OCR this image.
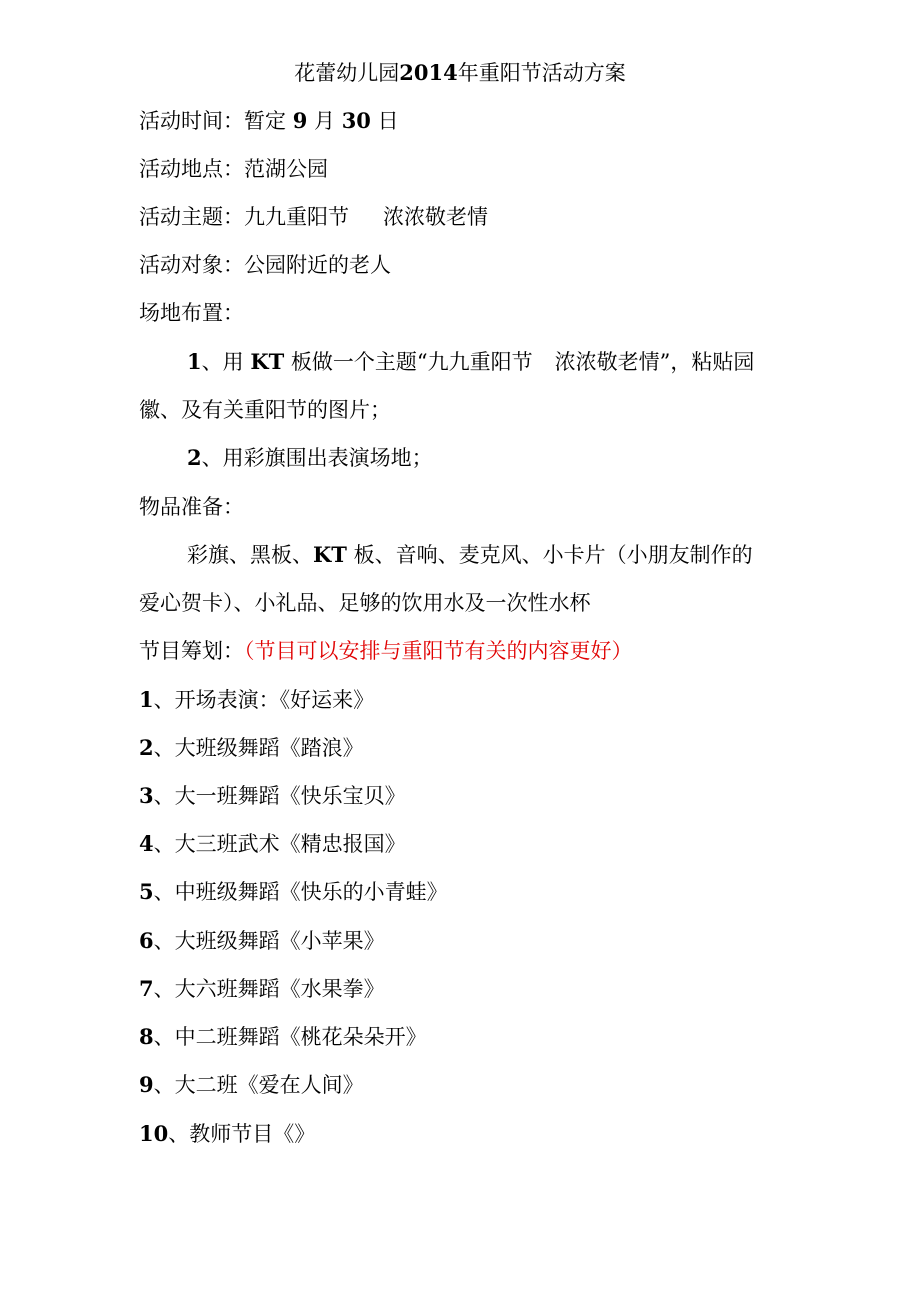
花蕾幼儿园2014年重阳节活动方案
活动时间：暂定 9 月 30 日
活动地点：范湖公园
活动主题：九九重阳节 浓浓敬老情
活动对象：公园附近的老人
场地布置：
1、用 KT 板做一个主题“九九重阳节 浓浓敬老情”，粘贴园
徽、及有关重阳节的图片；
2、用彩旗围出表演场地；
物品准备：
彩旗、黑板、KT 板、音响、麦克风、小卡片（小朋友制作的
爱心贺卡）、小礼品、足够的饮用水及一次性水杯
节目筹划：（节目可以安排与重阳节有关的内容更好）
1、开场表演：《好运来》
2、大班级舞蹈《踏浪》
3、大一班舞蹈《快乐宝贝》
4、大三班武术《精忠报国》
5、中班级舞蹈《快乐的小青蛙》
6、大班级舞蹈《小苹果》
7、大六班舞蹈《水果拳》
8、中二班舞蹈《桃花朵朵开》
9、大二班《爱在人间》
10、教师节目《》
